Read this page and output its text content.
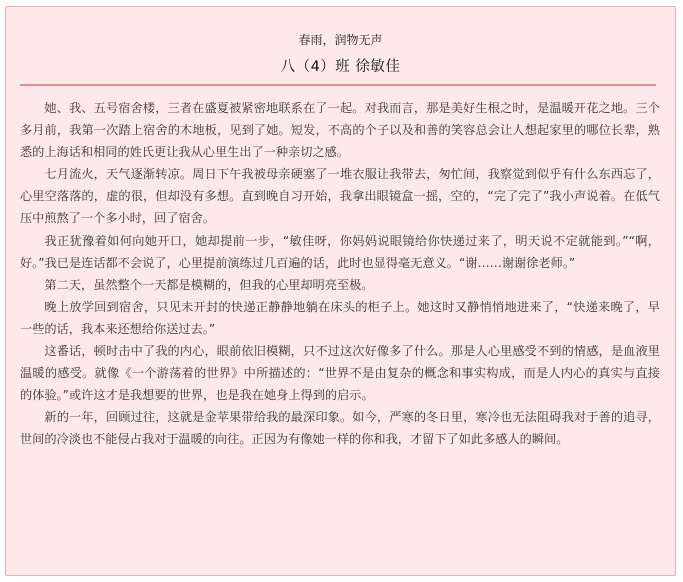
春雨，润物无声
八（4）班 徐敏佳

她、我、五号宿舍楼，三者在盛夏被紧密地联系在了一起。对我而言，那是美好生根之时，是温暖开花之地。三个多月前，我第一次踏上宿舍的木地板，见到了她。短发，不高的个子以及和善的笑容总会让人想起家里的哪位长辈，熟悉的上海话和相同的姓氏更让我从心里生出了一种亲切之感。

七月流火，天气逐渐转凉。周日下午我被母亲硬塞了一堆衣服让我带去，匆忙间，我察觉到似乎有什么东西忘了，心里空落落的，虚的很，但却没有多想。直到晚自习开始，我拿出眼镜盒一摇，空的，“完了完了”我小声说着。在低气压中煎熬了一个多小时，回了宿舍。

我正犹豫着如何向她开口，她却提前一步，“敏佳呀，你妈妈说眼镜给你快递过来了，明天说不定就能到。”“啊，好。”我已是连话都不会说了，心里提前演练过几百遍的话，此时也显得毫无意义。“谢……谢谢徐老师。”

第二天，虽然整个一天都是模糊的，但我的心里却明亮至极。

晚上放学回到宿舍，只见未开封的快递正静静地躺在床头的柜子上。她这时又静悄悄地进来了，“快递来晚了，早一些的话，我本来还想给你送过去。”

这番话，顿时击中了我的内心，眼前依旧模糊，只不过这次好像多了什么。那是人心里感受不到的情感，是血液里温暖的感受。就像《一个游荡着的世界》中所描述的：“世界不是由复杂的概念和事实构成，而是人内心的真实与直接的体验。”或许这才是我想要的世界，也是我在她身上得到的启示。

新的一年，回顾过往，这就是金苹果带给我的最深印象。如今，严寒的冬日里，寒冷也无法阻碍我对于善的追寻，世间的冷淡也不能侵占我对于温暖的向往。正因为有像她一样的你和我，才留下了如此多感人的瞬间。
